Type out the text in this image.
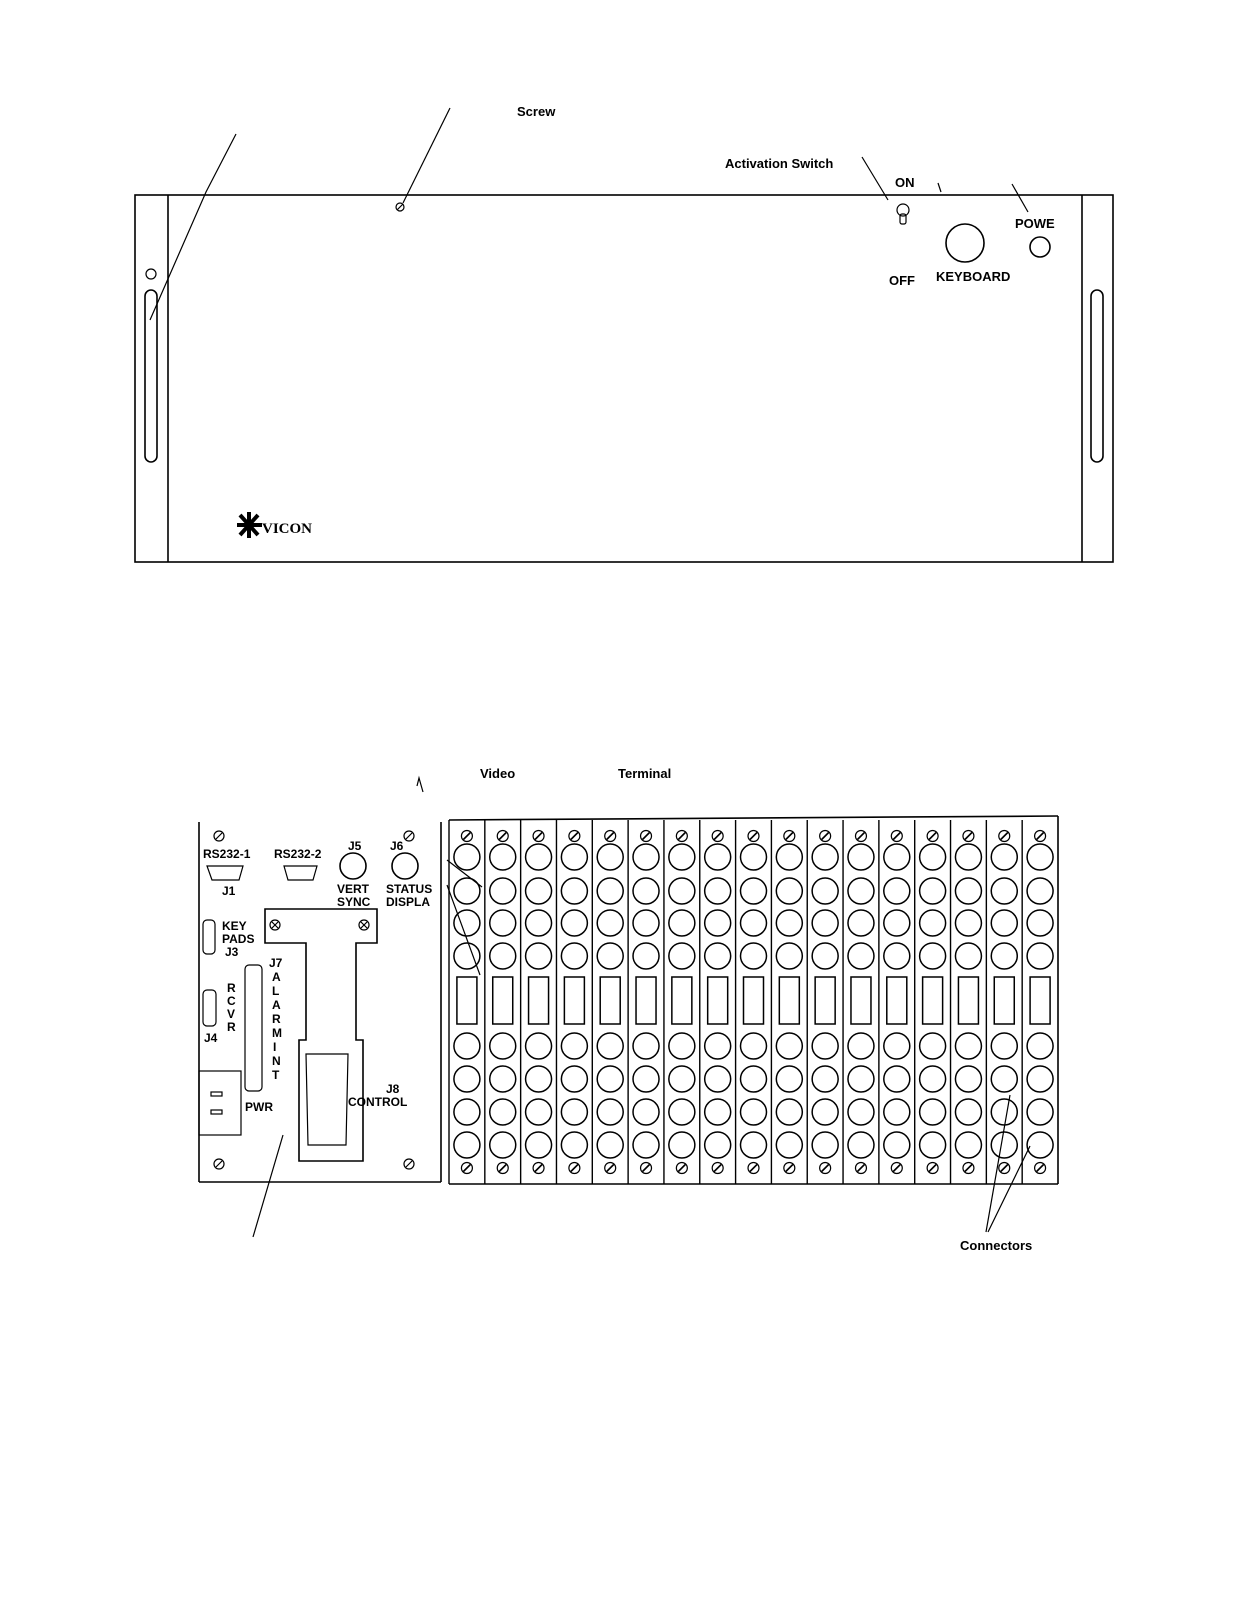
Screw
Activation Switch
ON
OFF KEYBOARD
POWE
VICON
Video	Terminal
Connectors
RS232-1
J1
RS232-2
J5
VERT
SYNC
J6
STATUS
DISPLA
KEY
PADS
J3
R
C
V
R
J4
J7
A
L
A
R
M
I
N
T
J8
CONTROL
PWR
